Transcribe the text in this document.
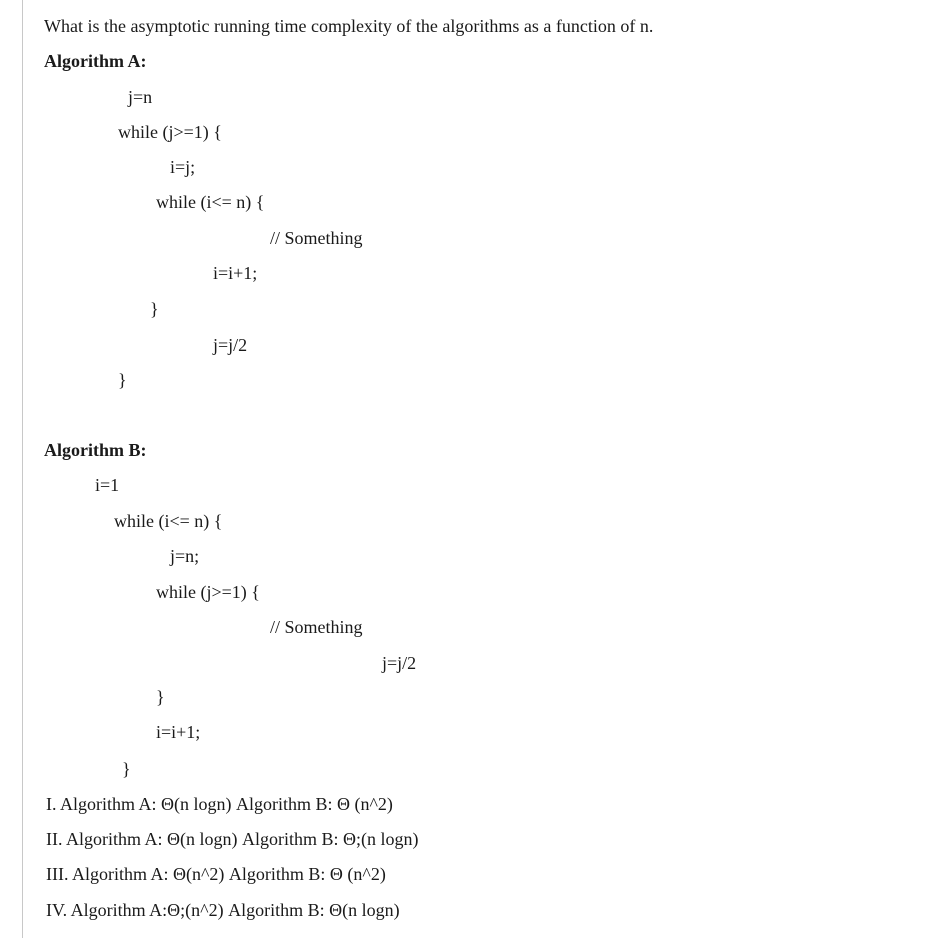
What is the asymptotic running time complexity of the algorithms as a function of n.
Algorithm A:
j=n
while (j>=1) {
i=j;
while (i<= n) {
// Something
i=i+1;
}
j=j/2
}
Algorithm B:
i=1
while (i<= n) {
j=n;
while (j>=1) {
// Something
j=j/2
}
i=i+1;
}
I. Algorithm A: Θ(n logn) Algorithm B: Θ (n^2)
II. Algorithm A: Θ(n logn) Algorithm B: Θ;(n logn)
III. Algorithm A: Θ(n^2) Algorithm B: Θ (n^2)
IV. Algorithm A:Θ;(n^2) Algorithm B: Θ(n logn)
